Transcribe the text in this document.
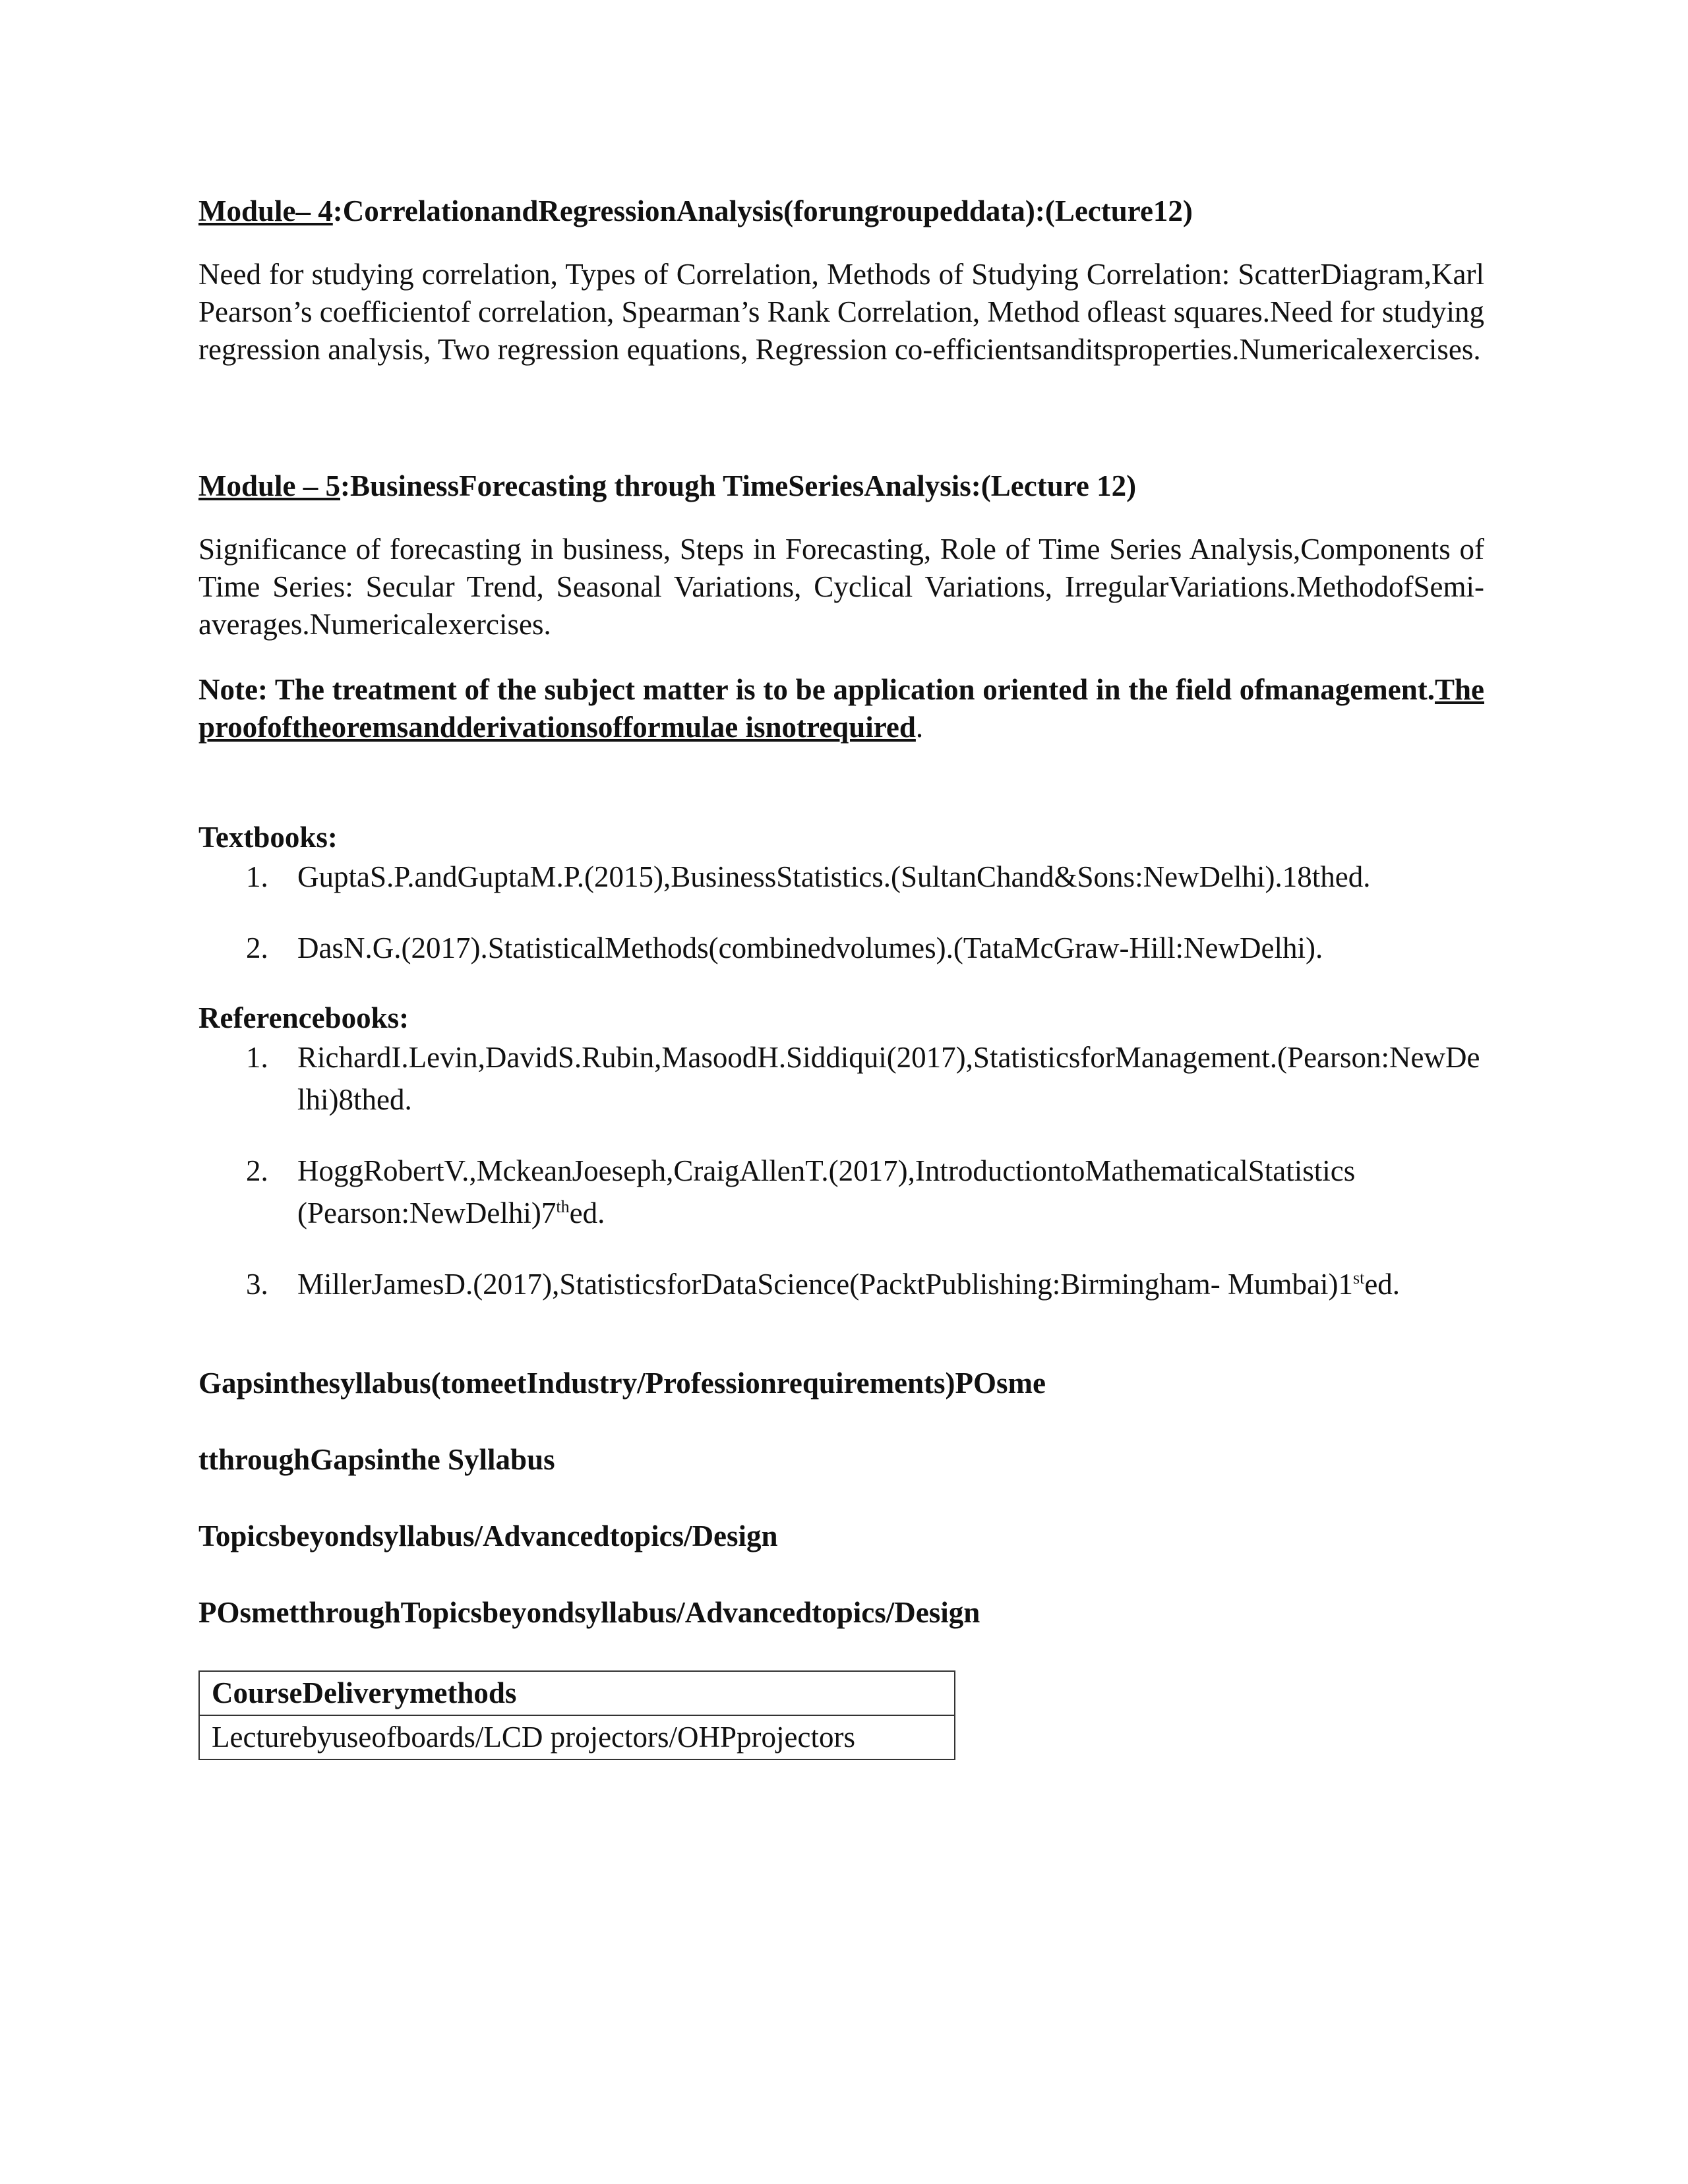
Module– 4:CorrelationandRegressionAnalysis(forungroupeddata):(Lecture12)

Need for studying correlation, Types of Correlation, Methods of Studying Correlation: ScatterDiagram,Karl Pearson’s coefficientof correlation, Spearman’s Rank Correlation, Method ofleast squares.Need for studying regression analysis, Two regression equations, Regression co-efficientsanditsproperties.Numericalexercises.

Module – 5:BusinessForecasting through TimeSeriesAnalysis:(Lecture 12)

Significance of forecasting in business, Steps in Forecasting, Role of Time Series Analysis,Components of Time Series: Secular Trend, Seasonal Variations, Cyclical Variations, IrregularVariations.MethodofSemi-averages.Numericalexercises.

Note: The treatment of the subject matter is to be application oriented in the field ofmanagement.The proofoftheoremsandderivationsofformulae isnotrequired.

Textbooks:

1. GuptaS.P.andGuptaM.P.(2015),BusinessStatistics.(SultanChand&Sons:NewDelhi).18thed.
2. DasN.G.(2017).StatisticalMethods(combinedvolumes).(TataMcGraw-Hill:NewDelhi).

Referencebooks:

1. RichardI.Levin,DavidS.Rubin,MasoodH.Siddiqui(2017),StatisticsforManagement.(Pearson:NewDelhi)8thed.
2. HoggRobertV.,MckeanJoeseph,CraigAllenT.(2017),IntroductiontoMathematicalStatistics (Pearson:NewDelhi)7thed.
3. MillerJamesD.(2017),StatisticsforDataScience(PacktPublishing:Birmingham- Mumbai)1sted.

Gapsinthesyllabus(tomeetIndustry/Professionrequirements)POsme

tthroughGapsinthe Syllabus

Topicsbeyondsyllabus/Advancedtopics/Design

POsmetthroughTopicsbeyondsyllabus/Advancedtopics/Design

CourseDeliverymethods
Lecturebyuseofboards/LCD projectors/OHPprojectors
